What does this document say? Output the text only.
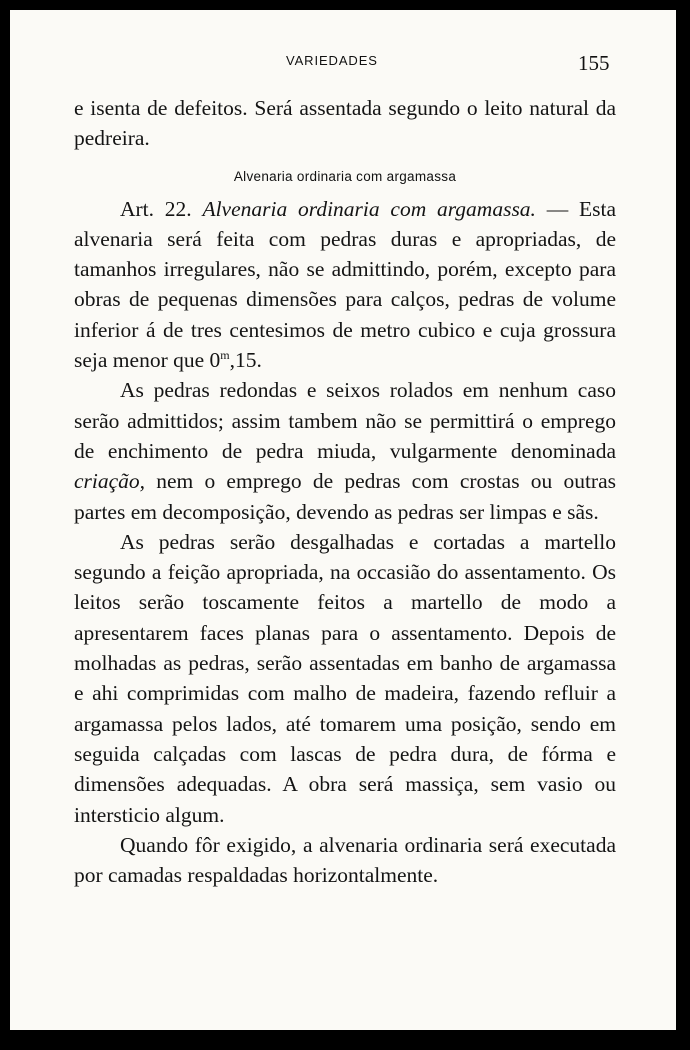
VARIEDADES	155

e isenta de defeitos. Será assentada segundo o leito natural da pedreira.

Alvenaria ordinaria com argamassa

Art. 22. Alvenaria ordinaria com argamassa. — Esta alvenaria será feita com pedras duras e apropriadas, de tamanhos irregulares, não se admittindo, porém, excepto para obras de pequenas dimensões para calços, pedras de volume inferior á de tres centesimos de metro cubico e cuja grossura seja menor que 0$^m$,15.

As pedras redondas e seixos rolados em nenhum caso serão admittidos; assim tambem não se permittirá o emprego de enchimento de pedra miuda, vulgarmente denominada criação, nem o emprego de pedras com crostas ou outras partes em decomposição, devendo as pedras ser limpas e sãs.

As pedras serão desgalhadas e cortadas a martello segundo a feição apropriada, na occasião do assentamento. Os leitos serão toscamente feitos a martello de modo a apresentarem faces planas para o assentamento. Depois de molhadas as pedras, serão assentadas em banho de argamassa e ahi comprimidas com malho de madeira, fazendo refluir a argamassa pelos lados, até tomarem uma posição, sendo em seguida calçadas com lascas de pedra dura, de fórma e dimensões adequadas. A obra será massiça, sem vasio ou intersticio algum.

Quando fôr exigido, a alvenaria ordinaria será executada por camadas respaldadas horizontalmente.
